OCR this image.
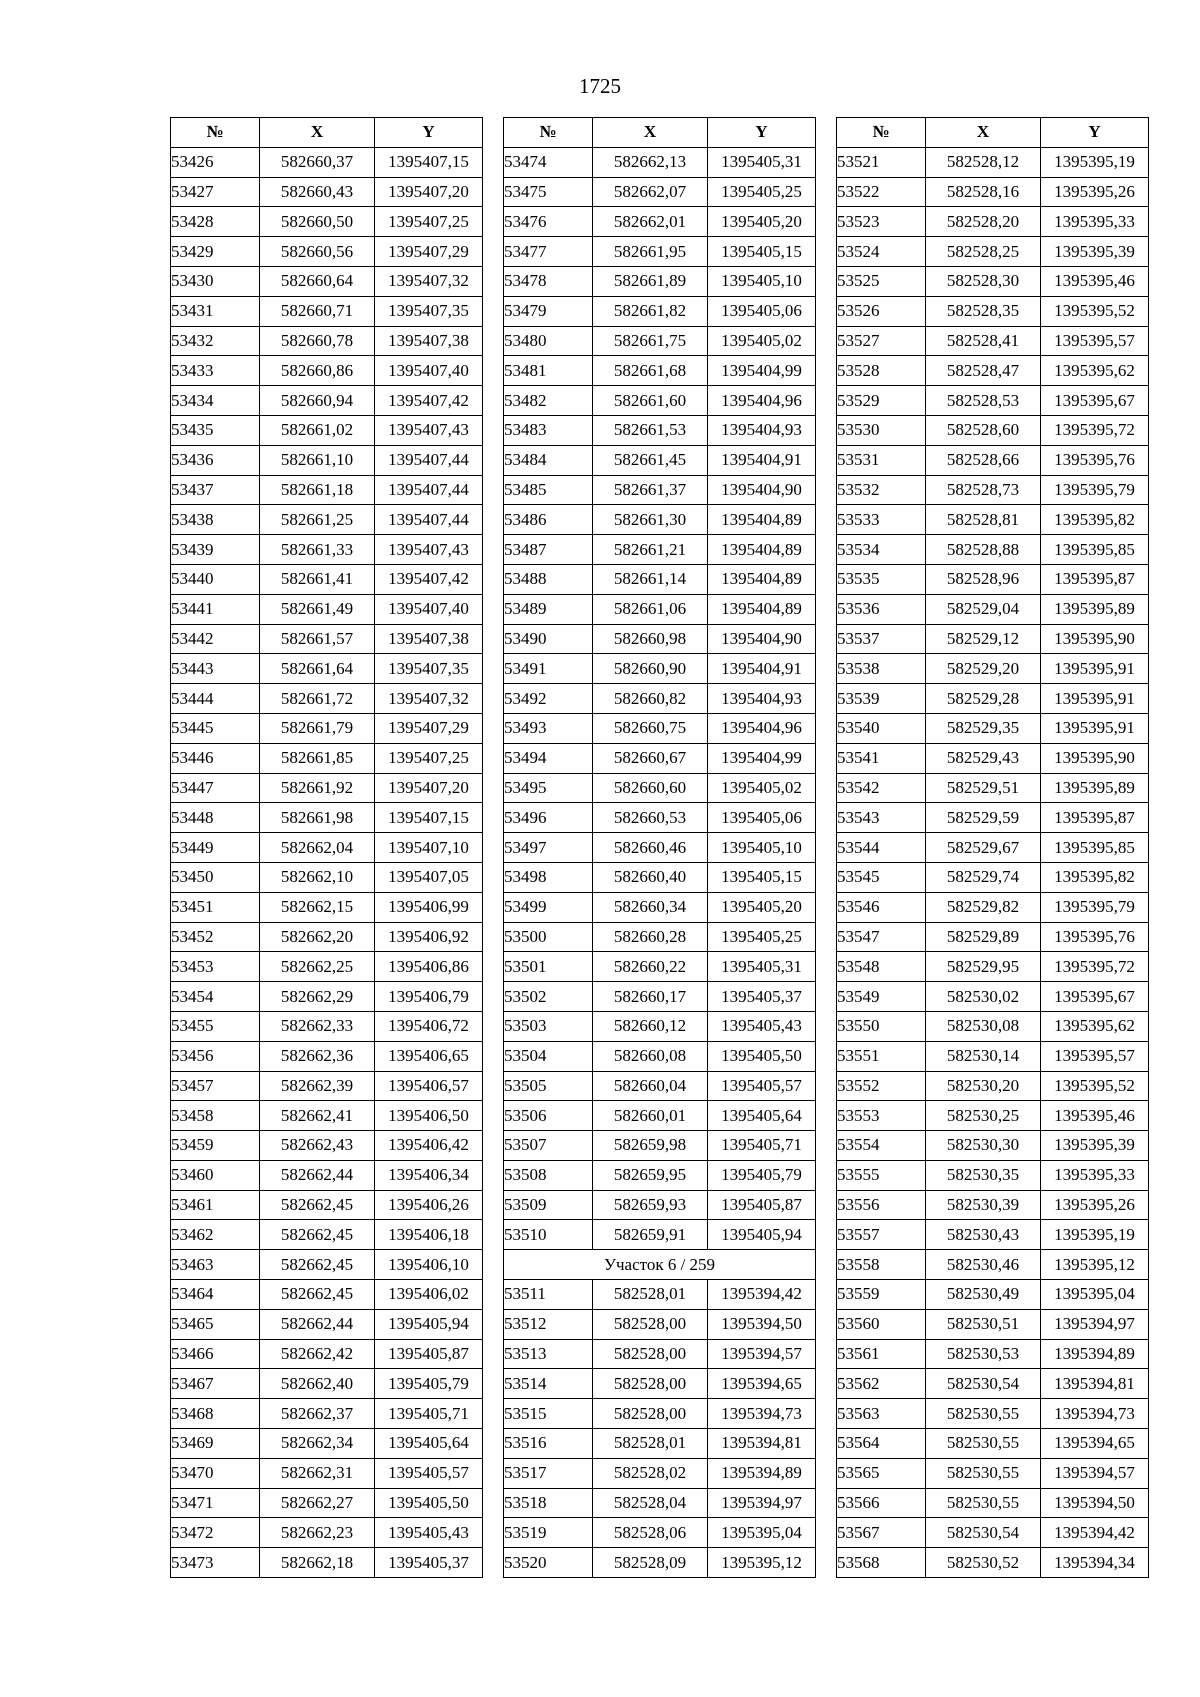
1725
№	X	Y
53426	582660,37	1395407,15
53427	582660,43	1395407,20
53428	582660,50	1395407,25
53429	582660,56	1395407,29
53430	582660,64	1395407,32
53431	582660,71	1395407,35
53432	582660,78	1395407,38
53433	582660,86	1395407,40
53434	582660,94	1395407,42
53435	582661,02	1395407,43
53436	582661,10	1395407,44
53437	582661,18	1395407,44
53438	582661,25	1395407,44
53439	582661,33	1395407,43
53440	582661,41	1395407,42
53441	582661,49	1395407,40
53442	582661,57	1395407,38
53443	582661,64	1395407,35
53444	582661,72	1395407,32
53445	582661,79	1395407,29
53446	582661,85	1395407,25
53447	582661,92	1395407,20
53448	582661,98	1395407,15
53449	582662,04	1395407,10
53450	582662,10	1395407,05
53451	582662,15	1395406,99
53452	582662,20	1395406,92
53453	582662,25	1395406,86
53454	582662,29	1395406,79
53455	582662,33	1395406,72
53456	582662,36	1395406,65
53457	582662,39	1395406,57
53458	582662,41	1395406,50
53459	582662,43	1395406,42
53460	582662,44	1395406,34
53461	582662,45	1395406,26
53462	582662,45	1395406,18
53463	582662,45	1395406,10
53464	582662,45	1395406,02
53465	582662,44	1395405,94
53466	582662,42	1395405,87
53467	582662,40	1395405,79
53468	582662,37	1395405,71
53469	582662,34	1395405,64
53470	582662,31	1395405,57
53471	582662,27	1395405,50
53472	582662,23	1395405,43
53473	582662,18	1395405,37
№	X	Y
53474	582662,13	1395405,31
53475	582662,07	1395405,25
53476	582662,01	1395405,20
53477	582661,95	1395405,15
53478	582661,89	1395405,10
53479	582661,82	1395405,06
53480	582661,75	1395405,02
53481	582661,68	1395404,99
53482	582661,60	1395404,96
53483	582661,53	1395404,93
53484	582661,45	1395404,91
53485	582661,37	1395404,90
53486	582661,30	1395404,89
53487	582661,21	1395404,89
53488	582661,14	1395404,89
53489	582661,06	1395404,89
53490	582660,98	1395404,90
53491	582660,90	1395404,91
53492	582660,82	1395404,93
53493	582660,75	1395404,96
53494	582660,67	1395404,99
53495	582660,60	1395405,02
53496	582660,53	1395405,06
53497	582660,46	1395405,10
53498	582660,40	1395405,15
53499	582660,34	1395405,20
53500	582660,28	1395405,25
53501	582660,22	1395405,31
53502	582660,17	1395405,37
53503	582660,12	1395405,43
53504	582660,08	1395405,50
53505	582660,04	1395405,57
53506	582660,01	1395405,64
53507	582659,98	1395405,71
53508	582659,95	1395405,79
53509	582659,93	1395405,87
53510	582659,91	1395405,94
Участок 6 / 259		
53511	582528,01	1395394,42
53512	582528,00	1395394,50
53513	582528,00	1395394,57
53514	582528,00	1395394,65
53515	582528,00	1395394,73
53516	582528,01	1395394,81
53517	582528,02	1395394,89
53518	582528,04	1395394,97
53519	582528,06	1395395,04
53520	582528,09	1395395,12
№	X	Y
53521	582528,12	1395395,19
53522	582528,16	1395395,26
53523	582528,20	1395395,33
53524	582528,25	1395395,39
53525	582528,30	1395395,46
53526	582528,35	1395395,52
53527	582528,41	1395395,57
53528	582528,47	1395395,62
53529	582528,53	1395395,67
53530	582528,60	1395395,72
53531	582528,66	1395395,76
53532	582528,73	1395395,79
53533	582528,81	1395395,82
53534	582528,88	1395395,85
53535	582528,96	1395395,87
53536	582529,04	1395395,89
53537	582529,12	1395395,90
53538	582529,20	1395395,91
53539	582529,28	1395395,91
53540	582529,35	1395395,91
53541	582529,43	1395395,90
53542	582529,51	1395395,89
53543	582529,59	1395395,87
53544	582529,67	1395395,85
53545	582529,74	1395395,82
53546	582529,82	1395395,79
53547	582529,89	1395395,76
53548	582529,95	1395395,72
53549	582530,02	1395395,67
53550	582530,08	1395395,62
53551	582530,14	1395395,57
53552	582530,20	1395395,52
53553	582530,25	1395395,46
53554	582530,30	1395395,39
53555	582530,35	1395395,33
53556	582530,39	1395395,26
53557	582530,43	1395395,19
53558	582530,46	1395395,12
53559	582530,49	1395395,04
53560	582530,51	1395394,97
53561	582530,53	1395394,89
53562	582530,54	1395394,81
53563	582530,55	1395394,73
53564	582530,55	1395394,65
53565	582530,55	1395394,57
53566	582530,55	1395394,50
53567	582530,54	1395394,42
53568	582530,52	1395394,34
